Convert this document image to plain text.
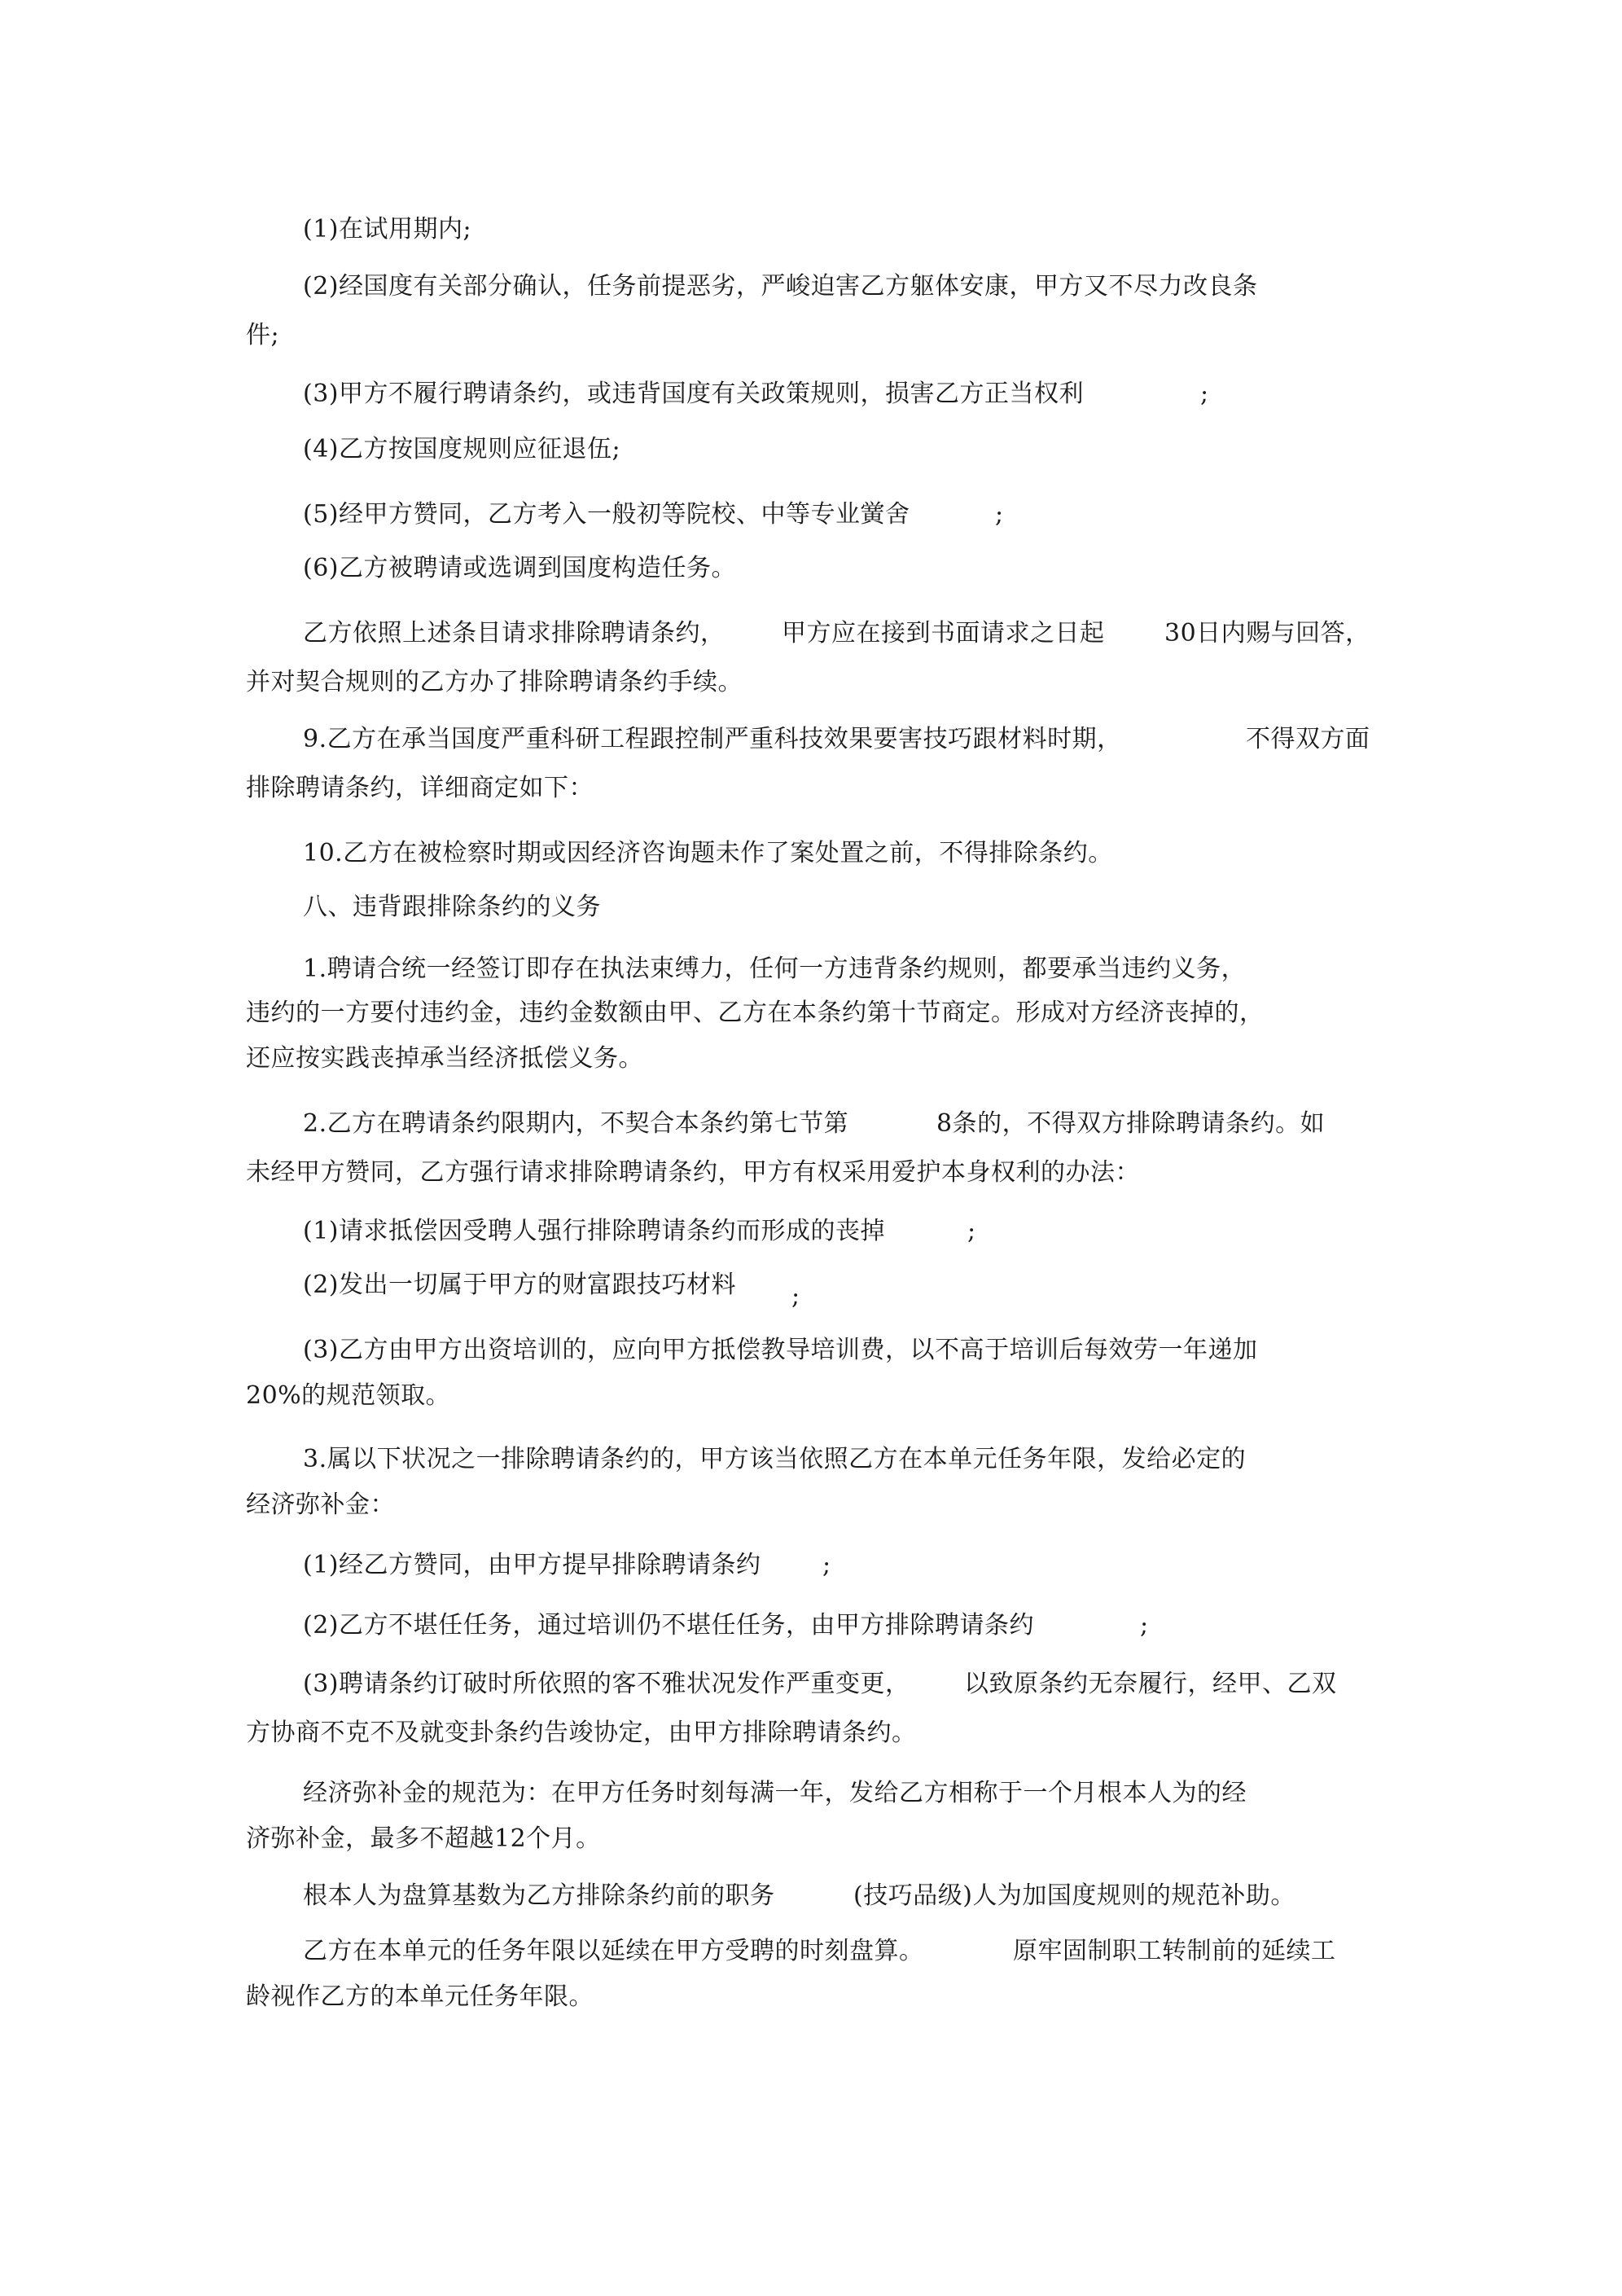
(1)在试用期内;
(2)经国度有关部分确认，任务前提恶劣，严峻迫害乙方躯体安康，甲方又不尽力改良条
件;
(3)甲方不履行聘请条约，或违背国度有关政策规则，损害乙方正当权利	;
(4)乙方按国度规则应征退伍;
(5)经甲方赞同，乙方考入一般初等院校、中等专业黉舍	;
(6)乙方被聘请或选调到国度构造任务。
乙方依照上述条目请求排除聘请条约， 甲方应在接到书面请求之日起 30日内赐与回答，
并对契合规则的乙方办了排除聘请条约手续。
9.乙方在承当国度严重科研工程跟控制严重科技效果要害技巧跟材料时期，	不得双方面
排除聘请条约，详细商定如下：
10.乙方在被检察时期或因经济咨询题未作了案处置之前，不得排除条约。
八、违背跟排除条约的义务
1.聘请合统一经签订即存在执法束缚力，任何一方违背条约规则，都要承当违约义务，
违约的一方要付违约金，违约金数额由甲、乙方在本条约第十节商定。形成对方经济丧掉的，
还应按实践丧掉承当经济抵偿义务。
2.乙方在聘请条约限期内，不契合本条约第七节第	8条的，不得双方排除聘请条约。如
未经甲方赞同，乙方强行请求排除聘请条约，甲方有权采用爱护本身权利的办法：
(1)请求抵偿因受聘人强行排除聘请条约而形成的丧掉	;
(2)发出一切属于甲方的财富跟技巧材料 ;
(3)乙方由甲方出资培训的，应向甲方抵偿教导培训费，以不高于培训后每效劳一年递加
20%的规范领取。
3.属以下状况之一排除聘请条约的，甲方该当依照乙方在本单元任务年限，发给必定的
经济弥补金：
(1)经乙方赞同，由甲方提早排除聘请条约	;
(2)乙方不堪任任务，通过培训仍不堪任任务，由甲方排除聘请条约	;
(3)聘请条约订破时所依照的客不雅状况发作严重变更， 以致原条约无奈履行，经甲、乙双
方协商不克不及就变卦条约告竣协定，由甲方排除聘请条约。
经济弥补金的规范为：在甲方任务时刻每满一年，发给乙方相称于一个月根本人为的经
济弥补金，最多不超越12个月。
根本人为盘算基数为乙方排除条约前的职务	(技巧品级)人为加国度规则的规范补助。
乙方在本单元的任务年限以延续在甲方受聘的时刻盘算。	原牢固制职工转制前的延续工
龄视作乙方的本单元任务年限。
